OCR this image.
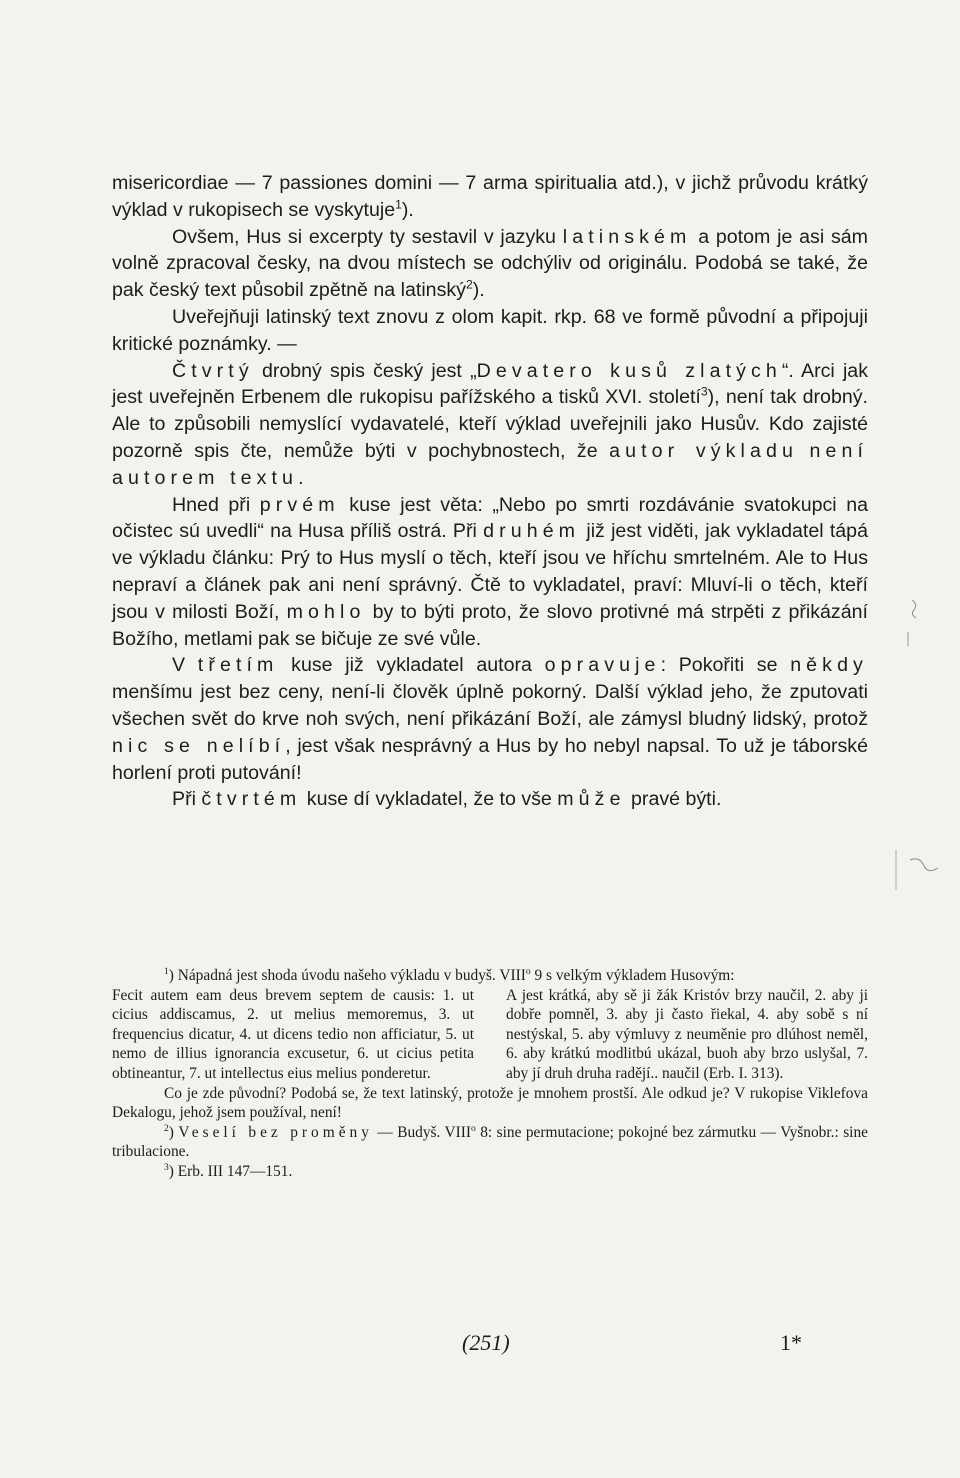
misericordiae — 7 passiones domini — 7 arma spiritualia atd.), v jichž průvodu krátký výklad v rukopisech se vyskytuje$^1$).

Ovšem, Hus si excerpty ty sestavil v jazyku latinském a potom je asi sám volně zpracoval česky, na dvou místech se odchýliv od originálu. Podobá se také, že pak český text působil zpětně na latinský$^2$).

Uveřejňuji latinský text znovu z olom kapit. rkp. 68 ve formě původní a připojuji kritické poznámky. —

Čtvrtý drobný spis český jest „Devatero kusů zlatých“. Arci jak jest uveřejněn Erbenem dle rukopisu pařížského a tisků XVI. století$^3$), není tak drobný. Ale to způsobili nemyslící vydavatelé, kteří výklad uveřejnili jako Husův. Kdo zajisté pozorně spis čte, nemůže býti v pochybnostech, že autor výkladu není autorem textu.

Hned při prvém kuse jest věta: „Nebo po smrti rozdávánie svatokupci na očistec sú uvedli“ na Husa příliš ostrá. Při druhém již jest viděti, jak vykladatel tápá ve výkladu článku: Prý to Hus myslí o těch, kteří jsou ve hříchu smrtelném. Ale to Hus nepraví a článek pak ani není správný. Čtě to vykladatel, praví: Mluví-li o těch, kteří jsou v milosti Boží, mohlo by to býti proto, že slovo protivné má strpěti z přikázání Božího, metlami pak se bičuje ze své vůle.

V třetím kuse již vykladatel autora opravuje: Pokořiti se někdy menšímu jest bez ceny, není-li člověk úplně pokorný. Další výklad jeho, že zputovati všechen svět do krve noh svých, není přikázání Boží, ale zámysl bludný lidský, protož nic se nelíbí, jest však nesprávný a Hus by ho nebyl napsal. To už je táborské horlení proti putování!

Při čtvrtém kuse dí vykladatel, že to vše může pravé býti.

$^1$) Nápadná jest shoda úvodu našeho výkladu v budyš. VIII$^o$ 9 s velkým výkladem Husovým:

Fecit autem eam deus brevem septem de causis: 1. ut cicius addiscamus, 2. ut melius memoremus, 3. ut frequencius dicatur, 4. ut dicens tedio non afficiatur, 5. ut nemo de illius ignorancia excusetur, 6. ut cicius petita obtineantur, 7. ut intellectus eius melius ponderetur.
A jest krátká, aby sě ji žák Kristóv brzy naučil, 2. aby ji dobře pomněl, 3. aby ji často řiekal, 4. aby sobě s ní nestýskal, 5. aby výmluvy z neuměnie pro dlúhost neměl, 6. aby krátkú modlitbú ukázal, buoh aby brzo uslyšal, 7. aby jí druh druha radějí.. naučil (Erb. I. 313).

Co je zde původní? Podobá se, že text latinský, protože je mnohem prostší. Ale odkud je? V rukopise Viklefova Dekalogu, jehož jsem používal, není!

$^2$) Veselí bez proměny — Budyš. VIII$^o$ 8: sine permutacione; pokojné bez zármutku — Vyšnobr.: sine tribulacione.

$^3$) Erb. III 147—151.

(251)	1*
